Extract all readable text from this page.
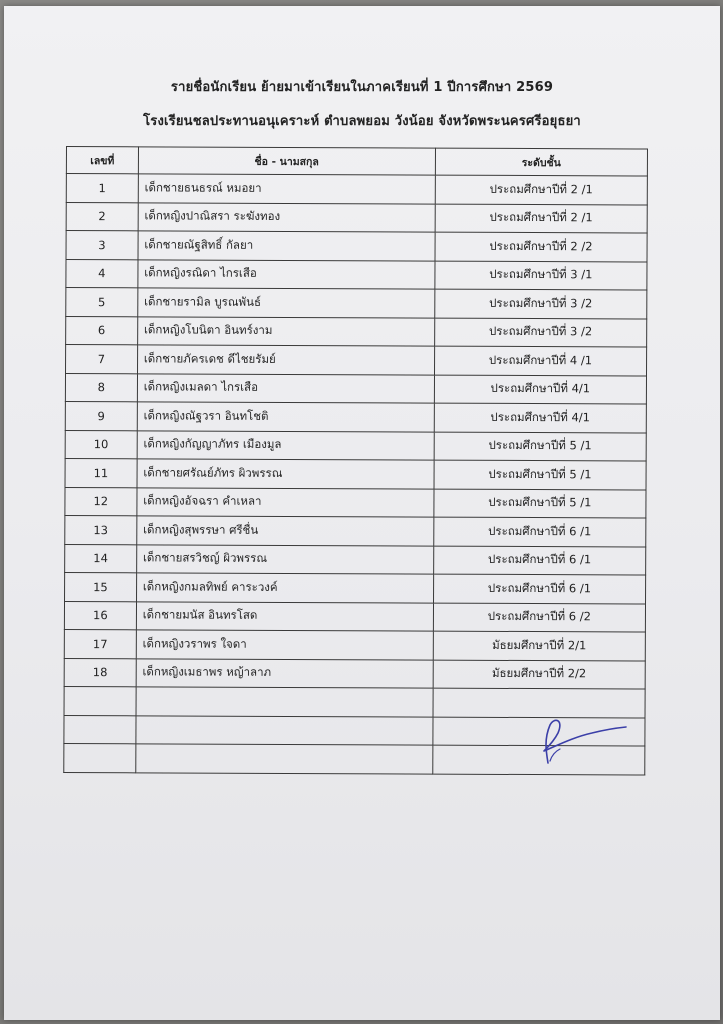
รายชื่อนักเรียน ย้ายมาเข้าเรียนในภาคเรียนที่ 1 ปีการศึกษา 2569
โรงเรียนชลประทานอนุเคราะห์ ตำบลพยอม วังน้อย จังหวัดพระนครศรีอยุธยา
เลขที่	ชื่อ - นามสกุล	ระดับชั้น
1	เด็กชายธนธรณ์ หมอยา	ประถมศึกษาปีที่ 2 /1
2	เด็กหญิงปาณิสรา ระฆังทอง	ประถมศึกษาปีที่ 2 /1
3	เด็กชายณัฐสิทธิ์ กัลยา	ประถมศึกษาปีที่ 2 /2
4	เด็กหญิงรณิดา ไกรเสือ	ประถมศึกษาปีที่ 3 /1
5	เด็กชายรามิล บูรณพันธ์	ประถมศึกษาปีที่ 3 /2
6	เด็กหญิงโบนิตา อินทร์งาม	ประถมศึกษาปีที่ 3 /2
7	เด็กชายภัครเดช ดีไชยรัมย์	ประถมศึกษาปีที่ 4 /1
8	เด็กหญิงเมลดา ไกรเสือ	ประถมศึกษาปีที่ 4/1
9	เด็กหญิงณัฐวรา อินทโชติ	ประถมศึกษาปีที่ 4/1
10	เด็กหญิงกัญญาภัทร เมืองมูล	ประถมศึกษาปีที่ 5 /1
11	เด็กชายศรัณย์ภัทร ผิวพรรณ	ประถมศึกษาปีที่ 5 /1
12	เด็กหญิงอัจฉรา คำเหลา	ประถมศึกษาปีที่ 5 /1
13	เด็กหญิงสุพรรษา ศรีชื่น	ประถมศึกษาปีที่ 6 /1
14	เด็กชายสรวิชญ์ ผิวพรรณ	ประถมศึกษาปีที่ 6 /1
15	เด็กหญิงกมลทิพย์ คาระวงค์	ประถมศึกษาปีที่ 6 /1
16	เด็กชายมนัส อินทรโสด	ประถมศึกษาปีที่ 6 /2
17	เด็กหญิงวราพร ใจดา	มัธยมศึกษาปีที่ 2/1
18	เด็กหญิงเมธาพร หญ้าลาภ	มัธยมศึกษาปีที่ 2/2
